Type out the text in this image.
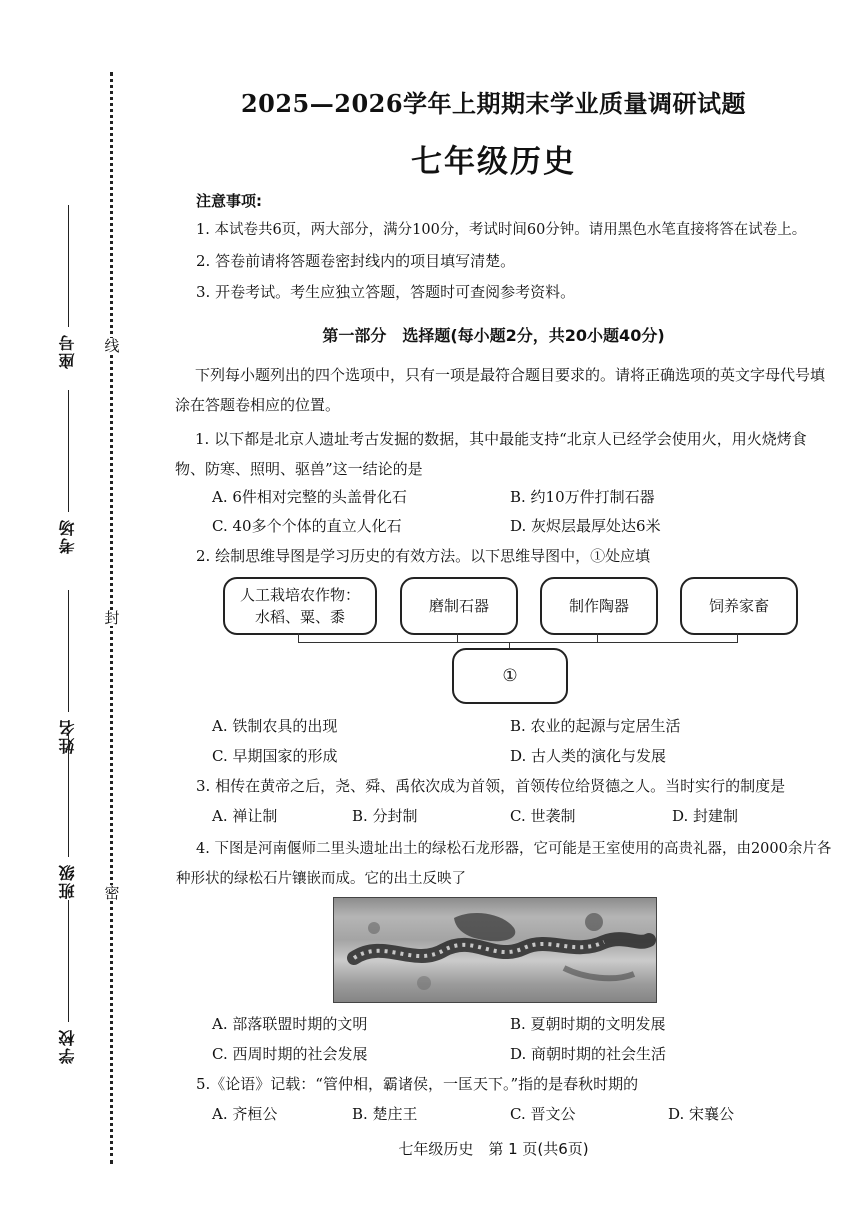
线
封
密
座号
考场
姓名
班级
学校
2025—2026学年上期期末学业质量调研试题
七年级历史
注意事项:
1. 本试卷共6页，两大部分，满分100分，考试时间60分钟。请用黑色水笔直接将答在试卷上。
2. 答卷前请将答题卷密封线内的项目填写清楚。
3. 开卷考试。考生应独立答题，答题时可查阅参考资料。
第一部分　选择题(每小题2分，共20小题40分)
下列每小题列出的四个选项中，只有一项是最符合题目要求的。请将正确选项的英文字母代号填涂在答题卷相应的位置。
1. 以下都是北京人遗址考古发掘的数据，其中最能支持“北京人已经学会使用火，用火烧烤食物、防寒、照明、驱兽”这一结论的是
A. 6件相对完整的头盖骨化石	B. 约10万件打制石器
C. 40多个个体的直立人化石	D. 灰烬层最厚处达6米
2. 绘制思维导图是学习历史的有效方法。以下思维导图中，①处应填
人工栽培农作物：
水稻、粟、黍
磨制石器	制作陶器	饲养家畜
①
A. 铁制农具的出现	B. 农业的起源与定居生活
C. 早期国家的形成	D. 古人类的演化与发展
3. 相传在黄帝之后，尧、舜、禹依次成为首领，首领传位给贤德之人。当时实行的制度是
A. 禅让制	B. 分封制	C. 世袭制	D. 封建制
4. 下图是河南偃师二里头遗址出土的绿松石龙形器，它可能是王室使用的高贵礼器，由2000余片各种形状的绿松石片镶嵌而成。它的出土反映了
A. 部落联盟时期的文明	B. 夏朝时期的文明发展
C. 西周时期的社会发展	D. 商朝时期的社会生活
5.《论语》记载：“管仲相，霸诸侯，一匡天下。”指的是春秋时期的
A. 齐桓公	B. 楚庄王	C. 晋文公	D. 宋襄公
七年级历史　第 1 页(共6页)
